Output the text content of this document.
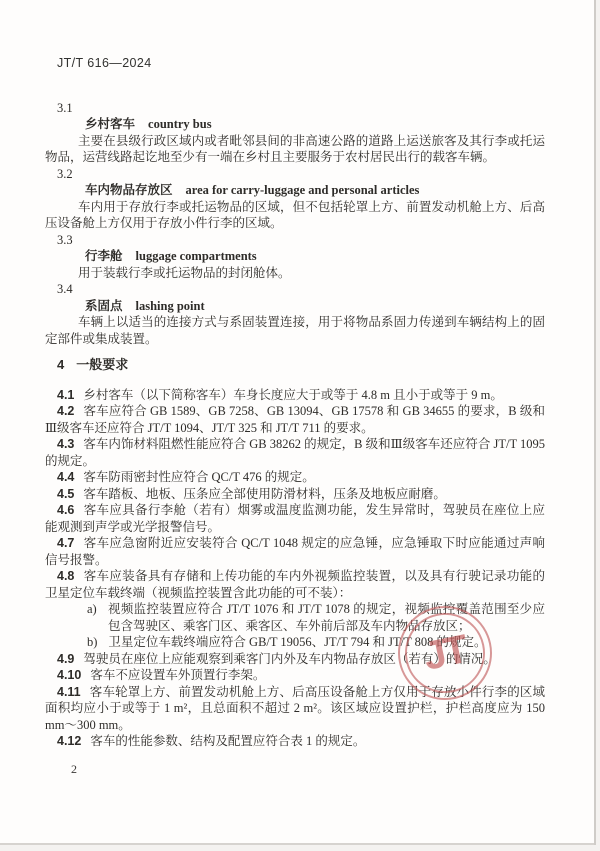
JT/T 616—2024

3.1

乡村客车 country bus

主要在县级行政区域内或者毗邻县间的非高速公路的道路上运送旅客及其行李或托运物品，运营线路起讫地至少有一端在乡村且主要服务于农村居民出行的载客车辆。

3.2

车内物品存放区 area for carry-luggage and personal articles

车内用于存放行李或托运物品的区域，但不包括轮罩上方、前置发动机舱上方、后高压设备舱上方仅用于存放小件行李的区域。

3.3

行李舱 luggage compartments

用于装载行李或托运物品的封闭舱体。

3.4

系固点 lashing point

车辆上以适当的连接方式与系固装置连接，用于将物品系固力传递到车辆结构上的固定部件或集成装置。

4 一般要求

4.1 乡村客车（以下简称客车）车身长度应大于或等于 4.8 m 且小于或等于 9 m。

4.2 客车应符合 GB 1589、GB 7258、GB 13094、GB 17578 和 GB 34655 的要求，B 级和Ⅲ级客车还应符合 JT/T 1094、JT/T 325 和 JT/T 711 的要求。

4.3 客车内饰材料阻燃性能应符合 GB 38262 的规定，B 级和Ⅲ级客车还应符合 JT/T 1095 的规定。

4.4 客车防雨密封性应符合 QC/T 476 的规定。

4.5 客车踏板、地板、压条应全部使用防滑材料，压条及地板应耐磨。

4.6 客车应具备行李舱（若有）烟雾或温度监测功能，发生异常时，驾驶员在座位上应能观测到声学或光学报警信号。

4.7 客车应急窗附近应安装符合 QC/T 1048 规定的应急锤，应急锤取下时应能通过声响信号报警。

4.8 客车应装备具有存储和上传功能的车内外视频监控装置，以及具有行驶记录功能的卫星定位车载终端（视频监控装置含此功能的可不装）：

a) 视频监控装置应符合 JT/T 1076 和 JT/T 1078 的规定，视频监控覆盖范围至少应包含驾驶区、乘客门区、乘客区、车外前后部及车内物品存放区；

b) 卫星定位车载终端应符合 GB/T 19056、JT/T 794 和 JT/T 808 的规定。

4.9 驾驶员在座位上应能观察到乘客门内外及车内物品存放区（若有）的情况。

4.10 客车不应设置车外顶置行李架。

4.11 客车轮罩上方、前置发动机舱上方、后高压设备舱上方仅用于存放小件行李的区域面积均应小于或等于 1 m²，且总面积不超过 2 m²。该区域应设置护栏，护栏高度应为 150 mm～300 mm。

4.12 客车的性能参数、结构及配置应符合表 1 的规定。

JT
2
